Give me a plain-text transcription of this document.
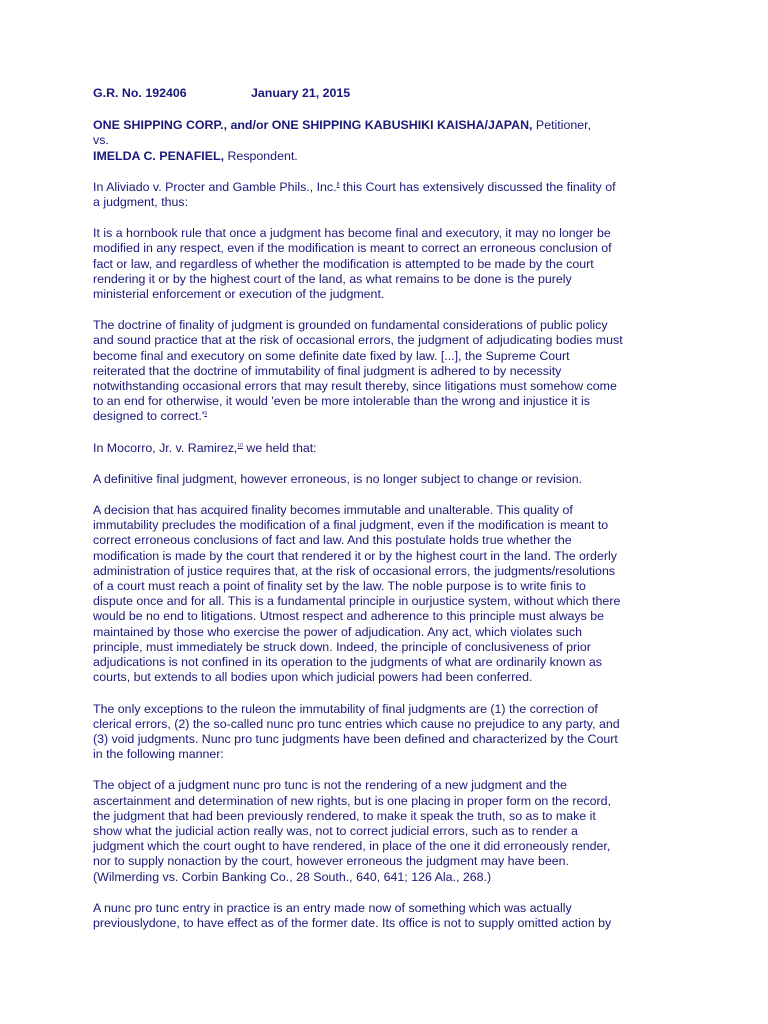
G.R. No. 192406	January 21, 2015

ONE SHIPPING CORP., and/or ONE SHIPPING KABUSHIKI KAISHA/JAPAN, Petitioner,
vs.
IMELDA C. PENAFIEL, Respondent.

In Aliviado v. Procter and Gamble Phils., Inc.$^8$ this Court has extensively discussed the finality of
a judgment, thus:

It is a hornbook rule that once a judgment has become final and executory, it may no longer be
modified in any respect, even if the modification is meant to correct an erroneous conclusion of
fact or law, and regardless of whether the modification is attempted to be made by the court
rendering it or by the highest court of the land, as what remains to be done is the purely
ministerial enforcement or execution of the judgment.

The doctrine of finality of judgment is grounded on fundamental considerations of public policy
and sound practice that at the risk of occasional errors, the judgment of adjudicating bodies must
become final and executory on some definite date fixed by law. [...], the Supreme Court
reiterated that the doctrine of immutability of final judgment is adhered to by necessity
notwithstanding occasional errors that may result thereby, since litigations must somehow come
to an end for otherwise, it would 'even be more intolerable than the wrong and injustice it is
designed to correct.'$^9$

In Mocorro, Jr. v. Ramirez,$^{10}$ we held that:

A definitive final judgment, however erroneous, is no longer subject to change or revision.

A decision that has acquired finality becomes immutable and unalterable. This quality of
immutability precludes the modification of a final judgment, even if the modification is meant to
correct erroneous conclusions of fact and law. And this postulate holds true whether the
modification is made by the court that rendered it or by the highest court in the land. The orderly
administration of justice requires that, at the risk of occasional errors, the judgments/resolutions
of a court must reach a point of finality set by the law. The noble purpose is to write finis to
dispute once and for all. This is a fundamental principle in ourjustice system, without which there
would be no end to litigations. Utmost respect and adherence to this principle must always be
maintained by those who exercise the power of adjudication. Any act, which violates such
principle, must immediately be struck down. Indeed, the principle of conclusiveness of prior
adjudications is not confined in its operation to the judgments of what are ordinarily known as
courts, but extends to all bodies upon which judicial powers had been conferred.

The only exceptions to the ruleon the immutability of final judgments are (1) the correction of
clerical errors, (2) the so-called nunc pro tunc entries which cause no prejudice to any party, and
(3) void judgments. Nunc pro tunc judgments have been defined and characterized by the Court
in the following manner:

The object of a judgment nunc pro tunc is not the rendering of a new judgment and the
ascertainment and determination of new rights, but is one placing in proper form on the record,
the judgment that had been previously rendered, to make it speak the truth, so as to make it
show what the judicial action really was, not to correct judicial errors, such as to render a
judgment which the court ought to have rendered, in place of the one it did erroneously render,
nor to supply nonaction by the court, however erroneous the judgment may have been.
(Wilmerding vs. Corbin Banking Co., 28 South., 640, 641; 126 Ala., 268.)

A nunc pro tunc entry in practice is an entry made now of something which was actually
previouslydone, to have effect as of the former date. Its office is not to supply omitted action by
